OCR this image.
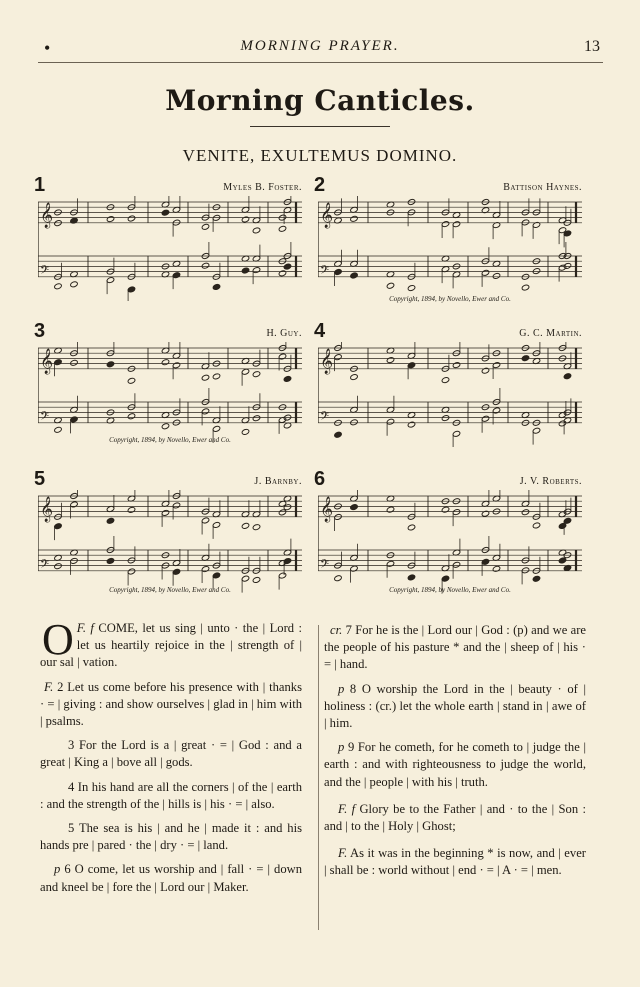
•	MORNING PRAYER.	13
Morning Canticles.
VENITE, EXULTEMUS DOMINO.
1	Myles B. Foster.
𝄞
𝄢
2	Battison Haynes.
𝄞
𝄢
Copyright, 1894, by Novello, Ewer and Co.
3	H. Guy.
𝄞
𝄢
Copyright, 1894, by Novello, Ewer and Co.
4	G. C. Martin.
𝄞
𝄢
5	J. Barnby.
𝄞
𝄢
Copyright, 1894, by Novello, Ewer and Co.
6	J. V. Roberts.
𝄞
𝄢
Copyright, 1894, by Novello, Ewer and Co.

F. f
O COME, let us sing | unto · the | Lord : let us heartily rejoice in the | strength of | our sal | vation.

F. 2 Let us come before his presence with | thanks · = | giving : and show ourselves | glad in | him with | psalms.

3 For the Lord is a | great · = | God : and a great | King a | bove all | gods.

4 In his hand are all the corners | of the | earth : and the strength of the | hills is | his · = | also.

5 The sea is his | and he | made it : and his hands pre | pared · the | dry · = | land.

p 6 O come, let us worship and | fall · = | down and kneel be | fore the | Lord our | Maker.

cr. 7 For he is the | Lord our | God : (p) and we are the people of his pasture * and the | sheep of | his · = | hand.

p 8 O worship the Lord in the | beauty · of | holiness : (cr.) let the whole earth | stand in | awe of | him.

p 9 For he cometh, for he cometh to | judge the | earth : and with righteousness to judge the world, and the | people | with his | truth.

F. f Glory be to the Father | and · to the | Son : and | to the | Holy | Ghost;

F. As it was in the beginning * is now, and | ever | shall be : world without | end · = | A · = | men.
